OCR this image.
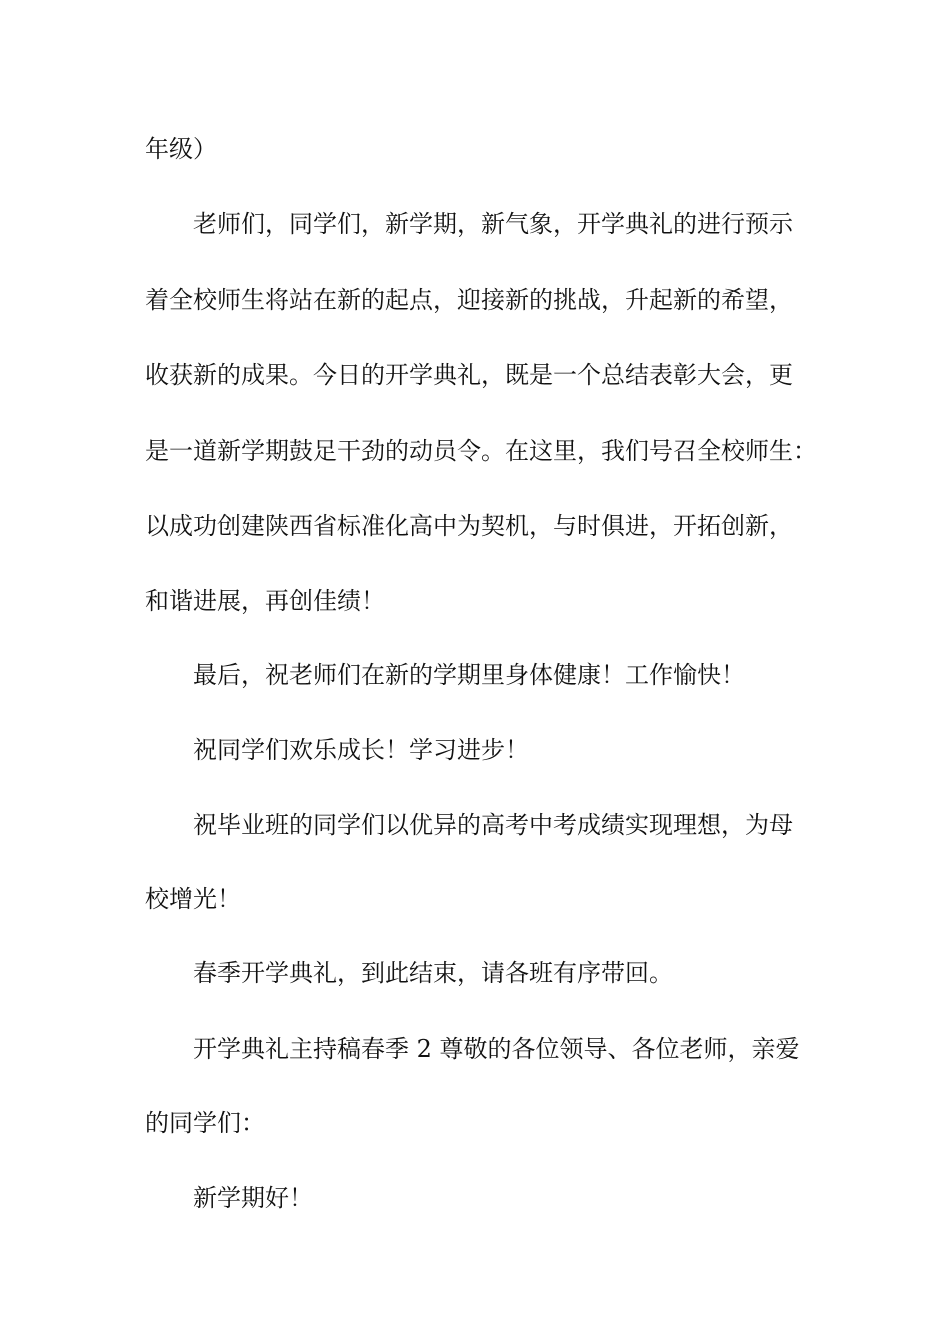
年级）

老师们，同学们，新学期，新气象，开学典礼的进行预示

着全校师生将站在新的起点，迎接新的挑战，升起新的希望，

收获新的成果。今日的开学典礼，既是一个总结表彰大会，更

是一道新学期鼓足干劲的动员令。在这里，我们号召全校师生：

以成功创建陕西省标准化高中为契机，与时俱进，开拓创新，

和谐进展，再创佳绩！

最后，祝老师们在新的学期里身体健康！工作愉快！

祝同学们欢乐成长！学习进步！

祝毕业班的同学们以优异的高考中考成绩实现理想，为母

校增光！

春季开学典礼，到此结束，请各班有序带回。

开学典礼主持稿春季 2 尊敬的各位领导、各位老师，亲爱

的同学们：

新学期好！
